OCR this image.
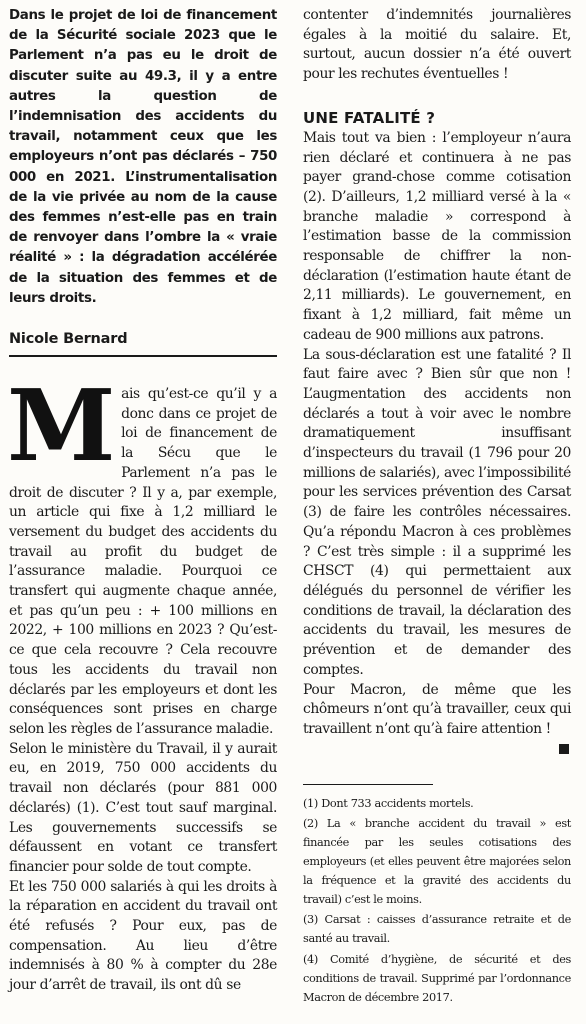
Dans le projet de loi de financement de la Sécurité sociale 2023 que le Parlement n’a pas eu le droit de discuter suite au 49.3, il y a entre autres la question de l’indemnisation des accidents du travail, notamment ceux que les employeurs n’ont pas déclarés – 750 000 en 2021. L’instrumentalisation de la vie privée au nom de la cause des femmes n’est-elle pas en train de renvoyer dans l’ombre la « vraie réalité » : la dégradation accélérée de la situation des femmes et de leurs droits.

Nicole Bernard

Mais qu’est-ce qu’il y a donc dans ce projet de loi de financement de la Sécu que le Parlement n’a pas le droit de discuter ? Il y a, par exemple, un article qui fixe à 1,2 milliard le versement du budget des accidents du travail au profit du budget de l’assurance maladie. Pourquoi ce transfert qui augmente chaque année, et pas qu’un peu : + 100 millions en 2022, + 100 millions en 2023 ? Qu’est-ce que cela recouvre ? Cela recouvre tous les accidents du travail non déclarés par les employeurs et dont les conséquences sont prises en charge selon les règles de l’assurance maladie.

Selon le ministère du Travail, il y aurait eu, en 2019, 750 000 accidents du travail non déclarés (pour 881 000 déclarés) (1). C’est tout sauf marginal. Les gouvernements successifs se défaussent en votant ce transfert financier pour solde de tout compte.

Et les 750 000 salariés à qui les droits à la réparation en accident du travail ont été refusés ? Pour eux, pas de compensation. Au lieu d’être indemnisés à 80 % à compter du 28e jour d’arrêt de travail, ils ont dû se

contenter d’indemnités journalières égales à la moitié du salaire. Et, surtout, aucun dossier n’a été ouvert pour les rechutes éventuelles !

UNE FATALITÉ ?

Mais tout va bien : l’employeur n’aura rien déclaré et continuera à ne pas payer grand-chose comme cotisation (2). D’ailleurs, 1,2 milliard versé à la « branche maladie » correspond à l’estimation basse de la commission responsable de chiffrer la non-déclaration (l’estimation haute étant de 2,11 milliards). Le gouvernement, en fixant à 1,2 milliard, fait même un cadeau de 900 millions aux patrons.

La sous-déclaration est une fatalité ? Il faut faire avec ? Bien sûr que non ! L’augmentation des accidents non déclarés a tout à voir avec le nombre dramatiquement insuffisant d’inspecteurs du travail (1 796 pour 20 millions de salariés), avec l’impossibilité pour les services prévention des Carsat (3) de faire les contrôles nécessaires. Qu’a répondu Macron à ces problèmes ? C’est très simple : il a supprimé les CHSCT (4) qui permettaient aux délégués du personnel de vérifier les conditions de travail, la déclaration des accidents du travail, les mesures de prévention et de demander des comptes.

Pour Macron, de même que les chômeurs n’ont qu’à travailler, ceux qui travaillent n’ont qu’à faire attention !

(1) Dont 733 accidents mortels.

(2) La « branche accident du travail » est financée par les seules cotisations des employeurs (et elles peuvent être majorées selon la fréquence et la gravité des accidents du travail) c’est le moins.

(3) Carsat : caisses d’assurance retraite et de santé au travail.

(4) Comité d’hygiène, de sécurité et des conditions de travail. Supprimé par l’ordonnance Macron de décembre 2017.
